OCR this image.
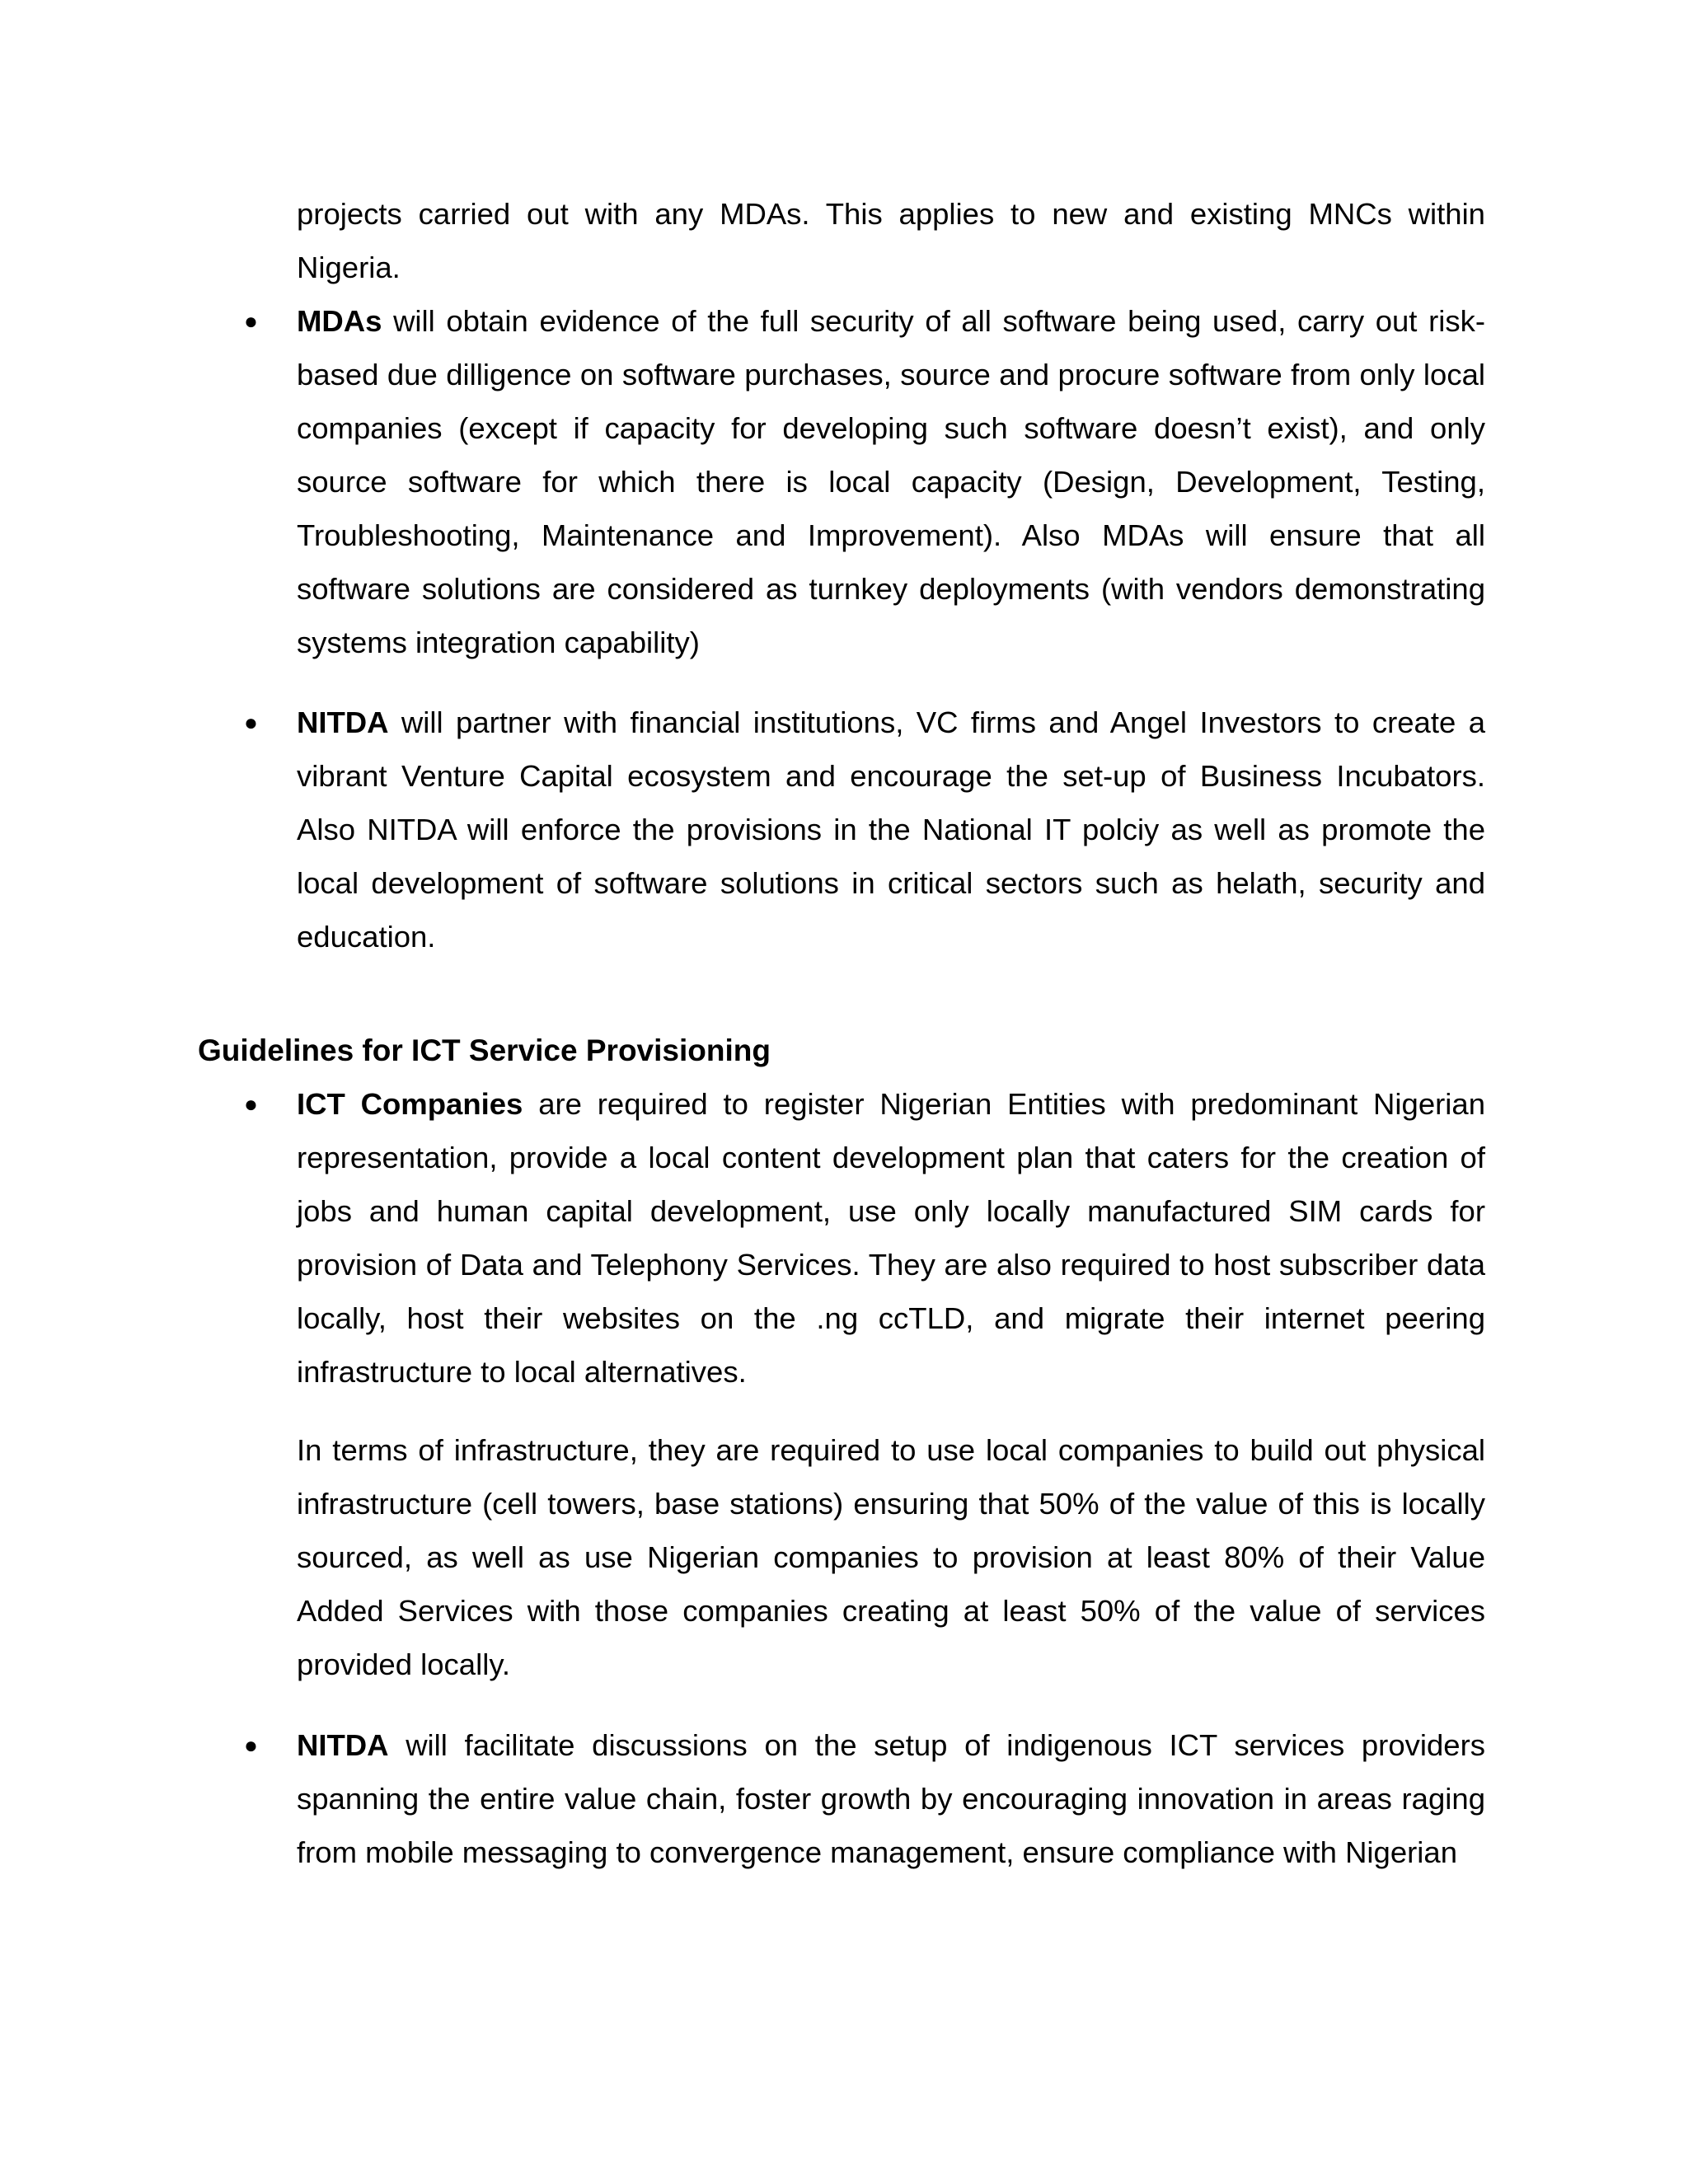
projects carried out with any MDAs. This applies to new and existing MNCs within Nigeria.

● MDAs will obtain evidence of the full security of all software being used, carry out risk-based due dilligence on software purchases, source and procure software from only local companies (except if capacity for developing such software doesn’t exist), and only source software for which there is local capacity (Design, Development, Testing, Troubleshooting, Maintenance and Improvement). Also MDAs will ensure that all software solutions are considered as turnkey deployments (with vendors demonstrating systems integration capability)

● NITDA will partner with financial institutions, VC firms and Angel Investors to create a vibrant Venture Capital ecosystem and encourage the set-up of Business Incubators. Also NITDA will enforce the provisions in the National IT polciy as well as promote the local development of software solutions in critical sectors such as helath, security and education.

Guidelines for ICT Service Provisioning
● ICT Companies are required to register Nigerian Entities with predominant Nigerian representation, provide a local content development plan that caters for the creation of jobs and human capital development, use only locally manufactured SIM cards for provision of Data and Telephony Services. They are also required to host subscriber data locally, host their websites on the .ng ccTLD, and migrate their internet peering infrastructure to local alternatives.

In terms of infrastructure, they are required to use local companies to build out physical infrastructure (cell towers, base stations) ensuring that 50% of the value of this is locally sourced, as well as use Nigerian companies to provision at least 80% of their Value Added Services with those companies creating at least 50% of the value of services provided locally.

● NITDA will facilitate discussions on the setup of indigenous ICT services providers spanning the entire value chain, foster growth by encouraging innovation in areas raging from mobile messaging to convergence management, ensure compliance with Nigerian
